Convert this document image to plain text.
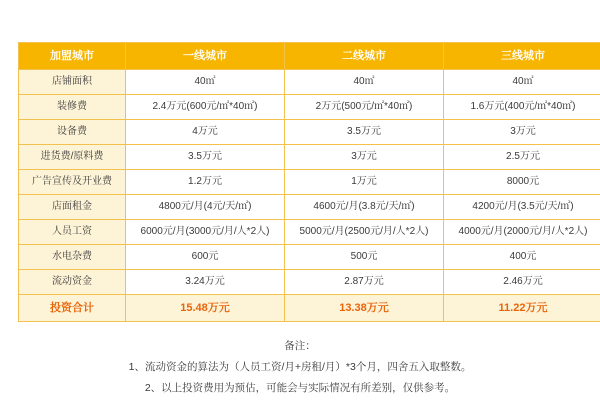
加盟城市	一线城市	二线城市	三线城市
店铺面积	40㎡	40㎡	40㎡
装修费	2.4万元(600元/㎡*40㎡)	2万元(500元/㎡*40㎡)	1.6万元(400元/㎡*40㎡)
设备费	4万元	3.5万元	3万元
进货费/原料费	3.5万元	3万元	2.5万元
广告宣传及开业费	1.2万元	1万元	8000元
店面租金	4800元/月(4元/天/㎡)	4600元/月(3.8元/天/㎡)	4200元/月(3.5元/天/㎡)
人员工资	6000元/月(3000元/月/人*2人)	5000元/月(2500元/月/人*2人)	4000元/月(2000元/月/人*2人)
水电杂费	600元	500元	400元
流动资金	3.24万元	2.87万元	2.46万元
投资合计	15.48万元	13.38万元	11.22万元
备注：
1、流动资金的算法为（人员工资/月+房租/月）*3个月，四舍五入取整数。
2、以上投资费用为预估，可能会与实际情况有所差别，仅供参考。
